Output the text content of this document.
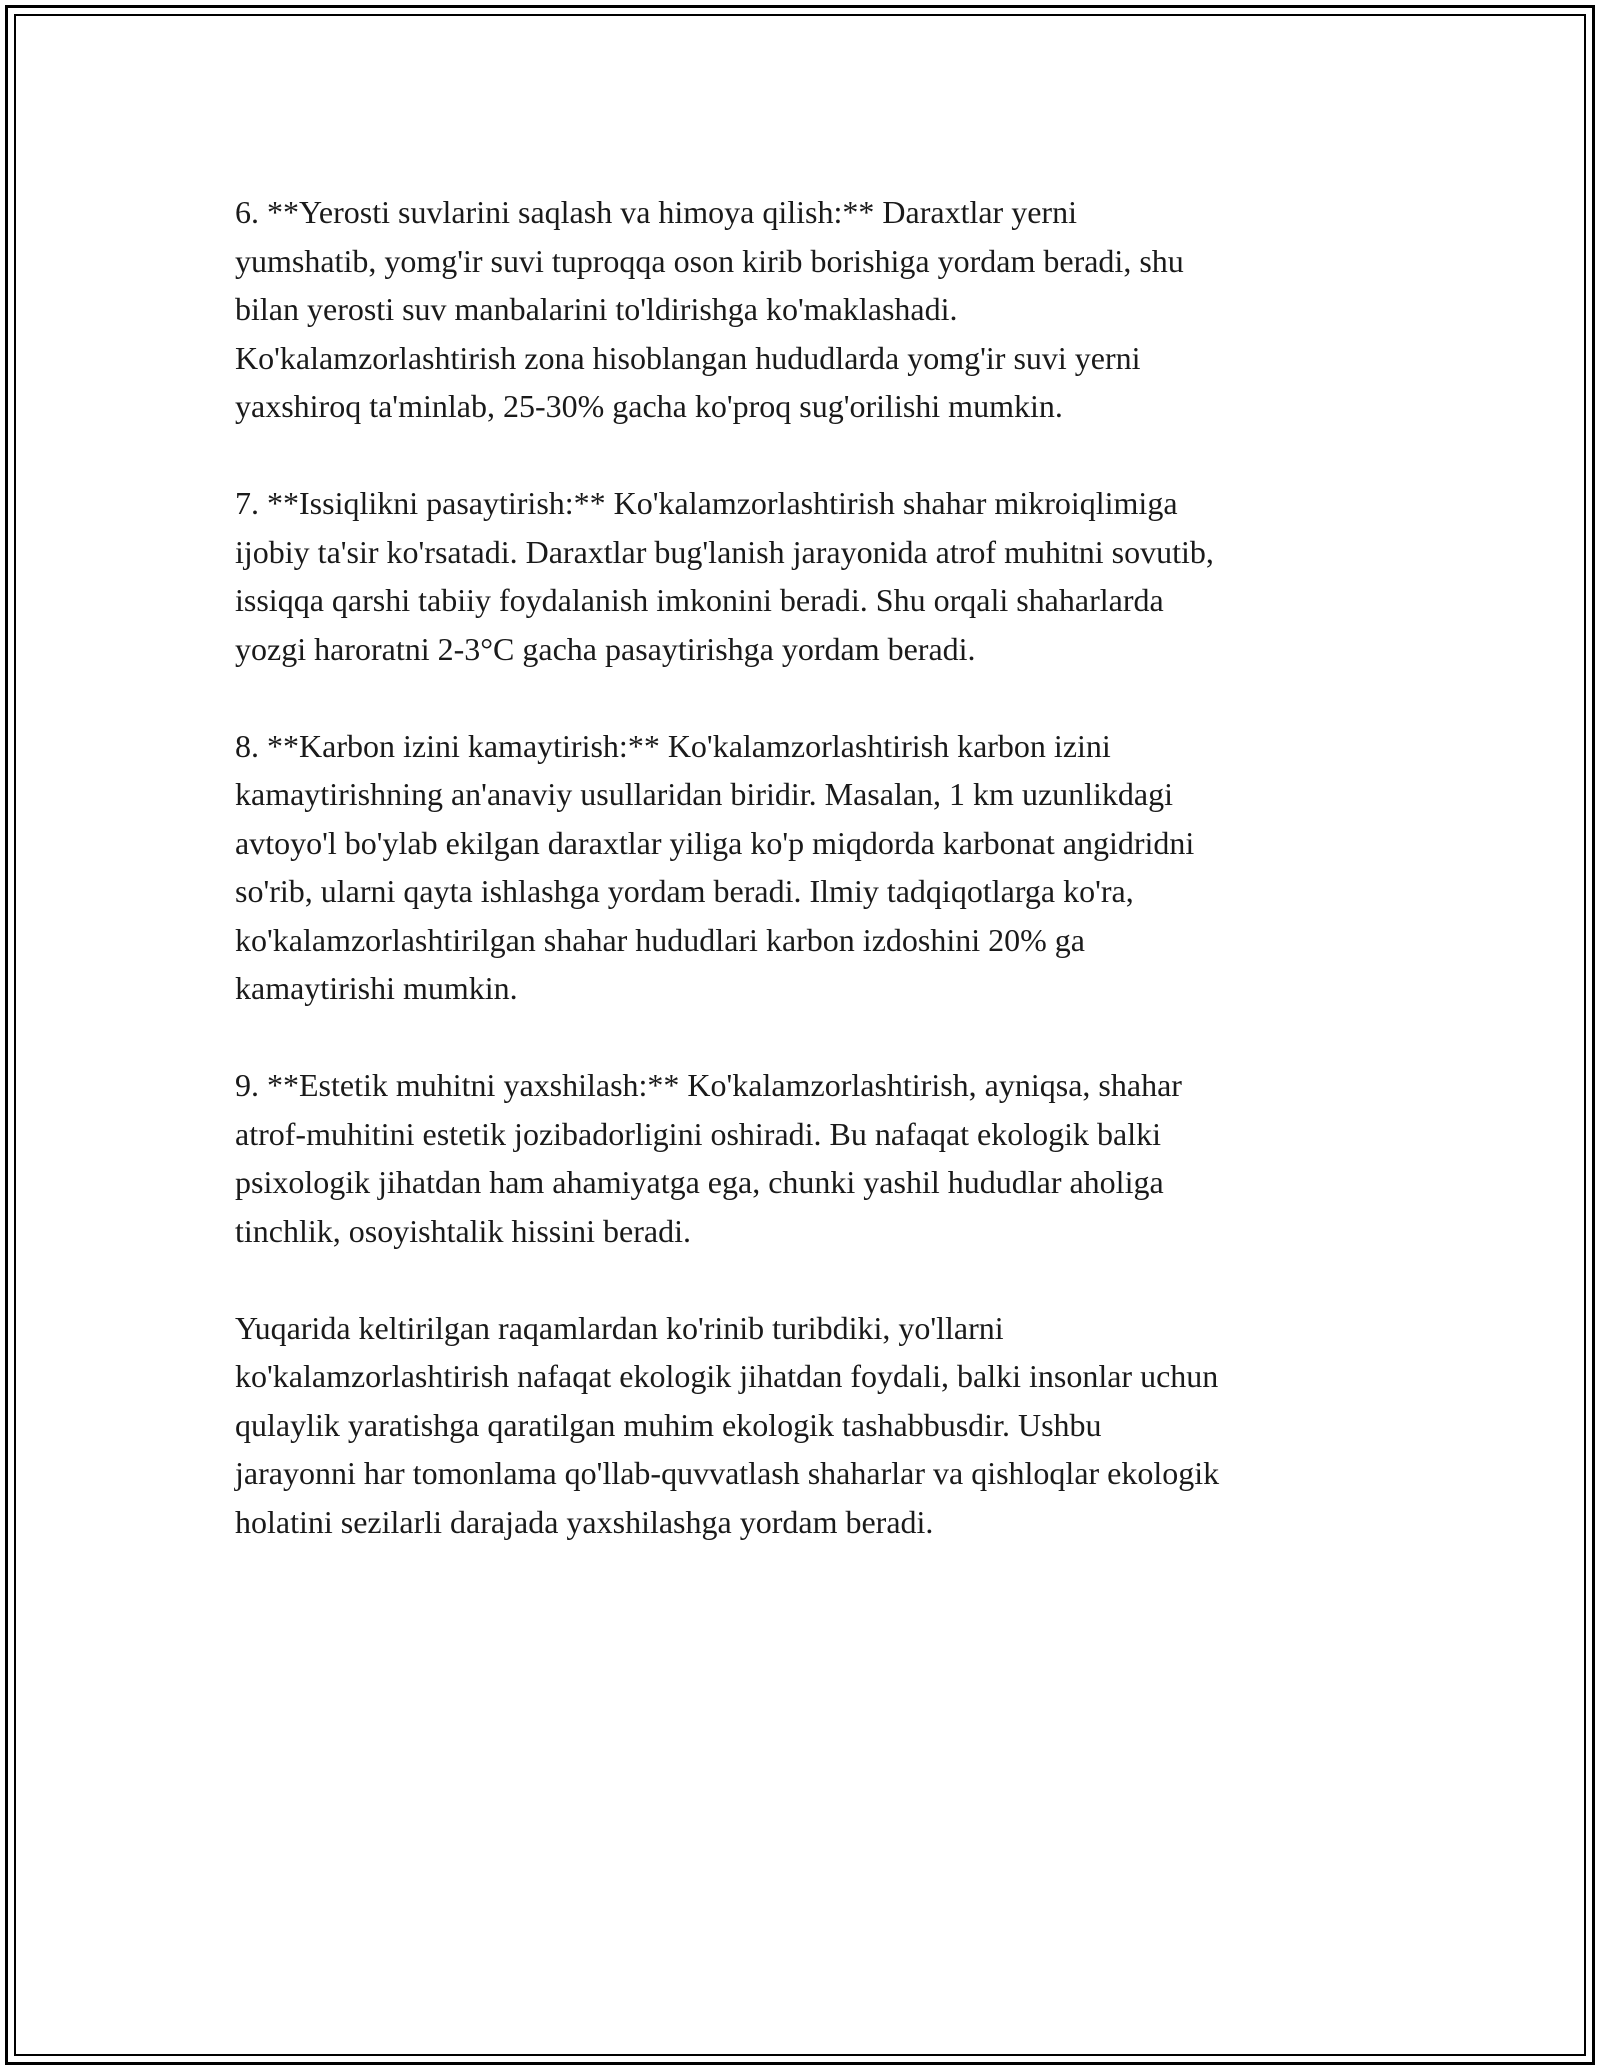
6. **Yerosti suvlarini saqlash va himoya qilish:** Daraxtlar yerni
yumshatib, yomg'ir suvi tuproqqa oson kirib borishiga yordam beradi, shu
bilan yerosti suv manbalarini to'ldirishga ko'maklashadi.
Ko'kalamzorlashtirish zona hisoblangan hududlarda yomg'ir suvi yerni
yaxshiroq ta'minlab, 25-30% gacha ko'proq sug'orilishi mumkin.

7. **Issiqlikni pasaytirish:** Ko'kalamzorlashtirish shahar mikroiqlimiga
ijobiy ta'sir ko'rsatadi. Daraxtlar bug'lanish jarayonida atrof muhitni sovutib,
issiqqa qarshi tabiiy foydalanish imkonini beradi. Shu orqali shaharlarda
yozgi haroratni 2-3°C gacha pasaytirishga yordam beradi.

8. **Karbon izini kamaytirish:** Ko'kalamzorlashtirish karbon izini
kamaytirishning an'anaviy usullaridan biridir. Masalan, 1 km uzunlikdagi
avtoyo'l bo'ylab ekilgan daraxtlar yiliga ko'p miqdorda karbonat angidridni
so'rib, ularni qayta ishlashga yordam beradi. Ilmiy tadqiqotlarga ko'ra,
ko'kalamzorlashtirilgan shahar hududlari karbon izdoshini 20% ga
kamaytirishi mumkin.

9. **Estetik muhitni yaxshilash:** Ko'kalamzorlashtirish, ayniqsa, shahar
atrof-muhitini estetik jozibadorligini oshiradi. Bu nafaqat ekologik balki
psixologik jihatdan ham ahamiyatga ega, chunki yashil hududlar aholiga
tinchlik, osoyishtalik hissini beradi.

Yuqarida keltirilgan raqamlardan ko'rinib turibdiki, yo'llarni
ko'kalamzorlashtirish nafaqat ekologik jihatdan foydali, balki insonlar uchun
qulaylik yaratishga qaratilgan muhim ekologik tashabbusdir. Ushbu
jarayonni har tomonlama qo'llab-quvvatlash shaharlar va qishloqlar ekologik
holatini sezilarli darajada yaxshilashga yordam beradi.
